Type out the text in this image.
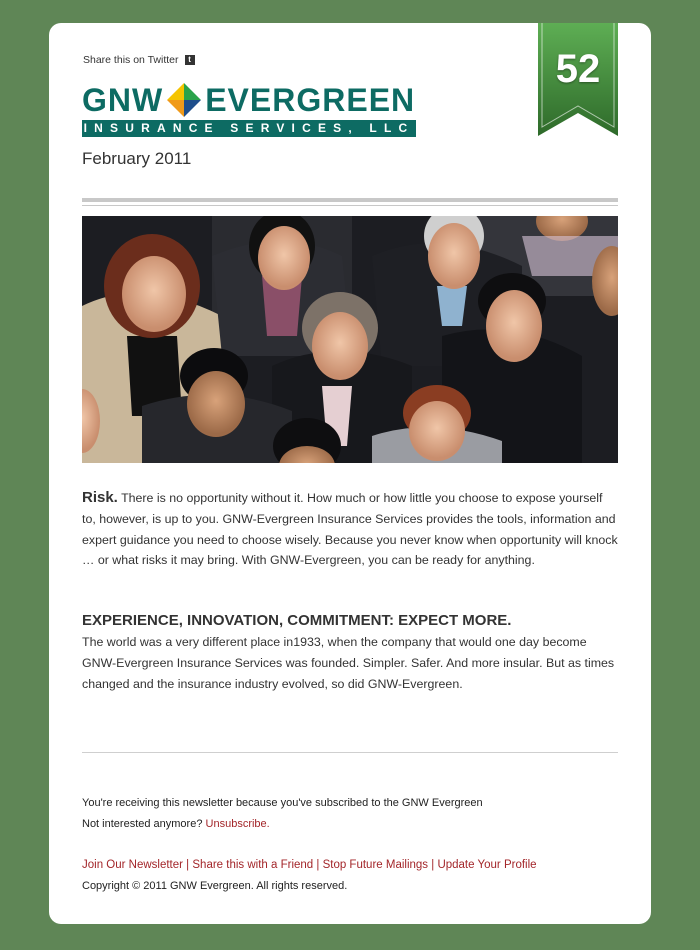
Share this on Twitter	t
GNW EVERGREEN
INSURANCE SERVICES, LLC
February 2011
52
Risk. There is no opportunity without it. How much or how little you choose to expose yourself to, however, is up to you. GNW-Evergreen Insurance Services provides the tools, information and expert guidance you need to choose wisely. Because you never know when opportunity will knock … or what risks it may bring. With GNW-Evergreen, you can be ready for anything.
EXPERIENCE, INNOVATION, COMMITMENT: EXPECT MORE.
The world was a very different place in1933, when the company that would one day become GNW-Evergreen Insurance Services was founded. Simpler. Safer. And more insular. But as times changed and the insurance industry evolved, so did GNW-Evergreen.
You're receiving this newsletter because you've subscribed to the GNW Evergreen
Not interested anymore? Unsubscribe.
Join Our Newsletter | Share this with a Friend | Stop Future Mailings | Update Your Profile
Copyright © 2011 GNW Evergreen. All rights reserved.
